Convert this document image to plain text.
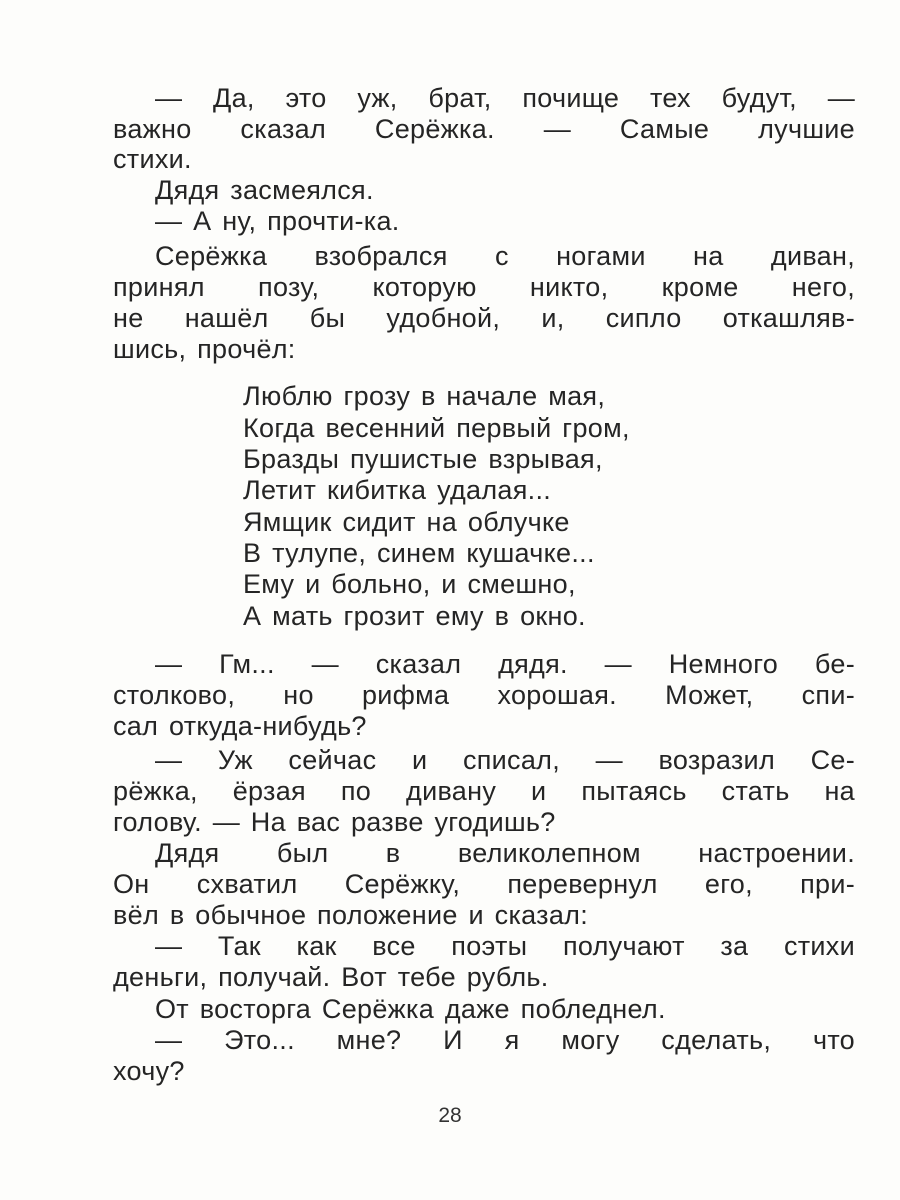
— Да, это уж, брат, почище тех будут, —
важно сказал Серёжка. — Самые лучшие
стихи.
Дядя засмеялся.
— А ну, прочти-ка.
Серёжка взобрался с ногами на диван,
принял позу, которую никто, кроме него,
не нашёл бы удобной, и, сипло откашляв-
шись, прочёл:
Люблю грозу в начале мая,
Когда весенний первый гром,
Бразды пушистые взрывая,
Летит кибитка удалая...
Ямщик сидит на облучке
В тулупе, синем кушачке...
Ему и больно, и смешно,
А мать грозит ему в окно.
— Гм... — сказал дядя. — Немного бе-
столково, но рифма хорошая. Может, спи-
сал откуда-нибудь?
— Уж сейчас и списал, — возразил Се-
рёжка, ёрзая по дивану и пытаясь стать на
голову. — На вас разве угодишь?
Дядя был в великолепном настроении.
Он схватил Серёжку, перевернул его, при-
вёл в обычное положение и сказал:
— Так как все поэты получают за стихи
деньги, получай. Вот тебе рубль.
От восторга Серёжка даже побледнел.
— Это... мне? И я могу сделать, что
хочу?
28
